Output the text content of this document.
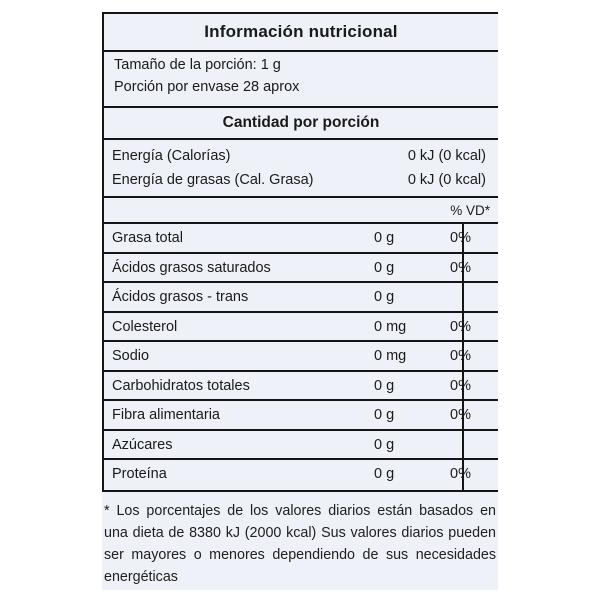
Información nutricional
Tamaño de la porción: 1 g
Porción por envase 28 aprox
Cantidad por porción
Energía (Calorías)	0 kJ (0 kcal)
Energía de grasas (Cal. Grasa)	0 kJ (0 kcal)
% VD*
Grasa total	0 g	0%
Ácidos grasos saturados	0 g	0%
Ácidos grasos - trans	0 g
Colesterol	0 mg	0%
Sodio	0 mg	0%
Carbohidratos totales	0 g	0%
Fibra alimentaria	0 g	0%
Azúcares	0 g
Proteína	0 g	0%
* Los porcentajes de los valores diarios están basados en una dieta de 8380 kJ (2000 kcal) Sus valores diarios pueden ser mayores o menores dependiendo de sus necesidades energéticas
